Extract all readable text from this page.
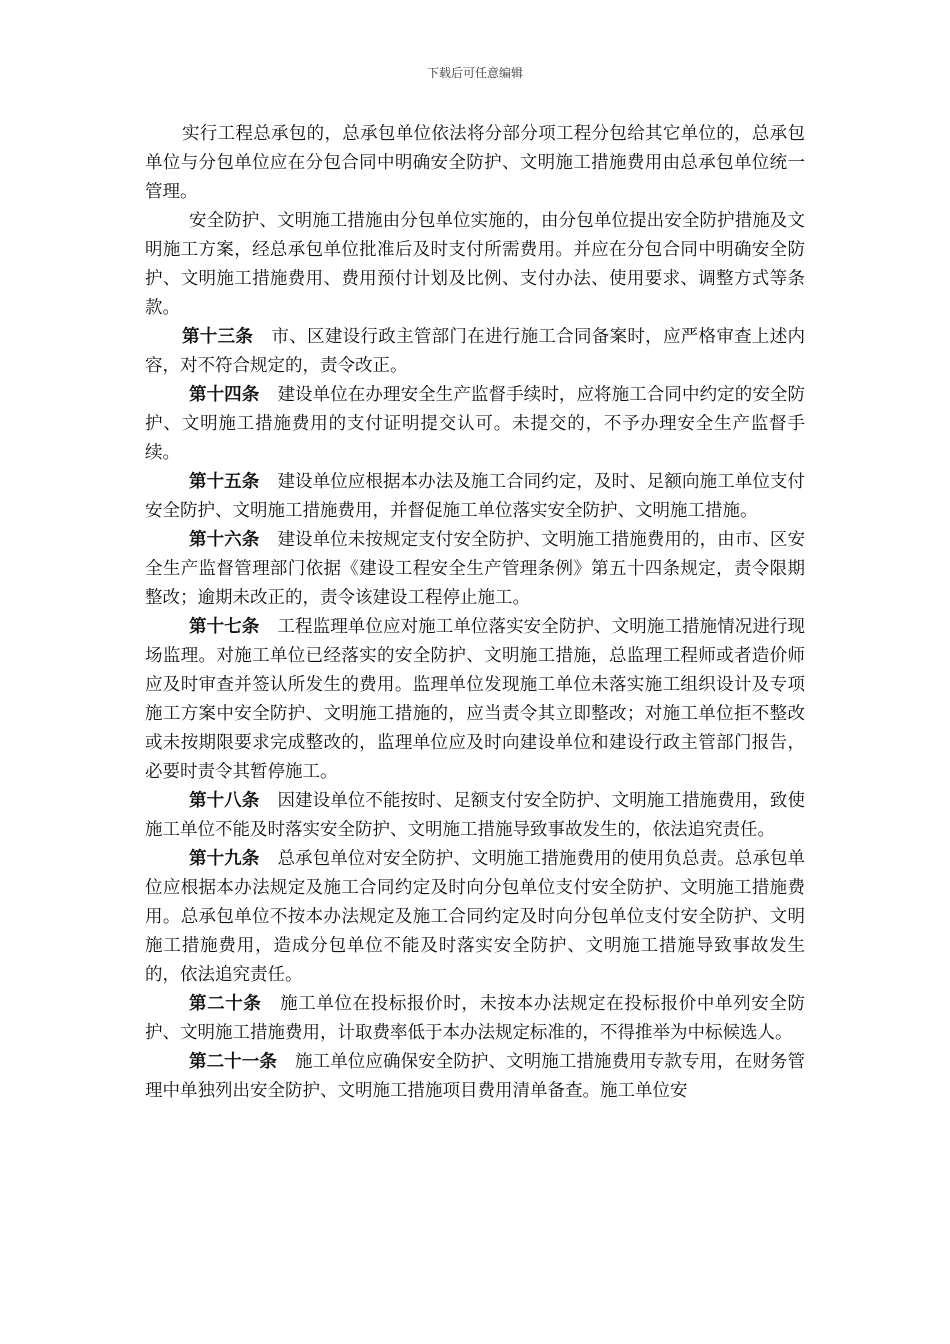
下载后可任意编辑

实行工程总承包的，总承包单位依法将分部分项工程分包给其它单位的，总承包单位与分包单位应在分包合同中明确安全防护、文明施工措施费用由总承包单位统一管理。

安全防护、文明施工措施由分包单位实施的，由分包单位提出安全防护措施及文明施工方案，经总承包单位批准后及时支付所需费用。并应在分包合同中明确安全防护、文明施工措施费用、费用预付计划及比例、支付办法、使用要求、调整方式等条款。

第十三条 市、区建设行政主管部门在进行施工合同备案时，应严格审查上述内容，对不符合规定的，责令改正。

第十四条 建设单位在办理安全生产监督手续时，应将施工合同中约定的安全防护、文明施工措施费用的支付证明提交认可。未提交的，不予办理安全生产监督手续。

第十五条 建设单位应根据本办法及施工合同约定，及时、足额向施工单位支付安全防护、文明施工措施费用，并督促施工单位落实安全防护、文明施工措施。

第十六条 建设单位未按规定支付安全防护、文明施工措施费用的，由市、区安全生产监督管理部门依据《建设工程安全生产管理条例》第五十四条规定，责令限期整改；逾期未改正的，责令该建设工程停止施工。

第十七条 工程监理单位应对施工单位落实安全防护、文明施工措施情况进行现场监理。对施工单位已经落实的安全防护、文明施工措施，总监理工程师或者造价师应及时审查并签认所发生的费用。监理单位发现施工单位未落实施工组织设计及专项施工方案中安全防护、文明施工措施的，应当责令其立即整改；对施工单位拒不整改或未按期限要求完成整改的，监理单位应及时向建设单位和建设行政主管部门报告，必要时责令其暂停施工。

第十八条 因建设单位不能按时、足额支付安全防护、文明施工措施费用，致使施工单位不能及时落实安全防护、文明施工措施导致事故发生的，依法追究责任。

第十九条 总承包单位对安全防护、文明施工措施费用的使用负总责。总承包单位应根据本办法规定及施工合同约定及时向分包单位支付安全防护、文明施工措施费用。总承包单位不按本办法规定及施工合同约定及时向分包单位支付安全防护、文明施工措施费用，造成分包单位不能及时落实安全防护、文明施工措施导致事故发生的，依法追究责任。

第二十条 施工单位在投标报价时，未按本办法规定在投标报价中单列安全防护、文明施工措施费用，计取费率低于本办法规定标准的，不得推举为中标候选人。

第二十一条 施工单位应确保安全防护、文明施工措施费用专款专用，在财务管理中单独列出安全防护、文明施工措施项目费用清单备查。施工单位安
